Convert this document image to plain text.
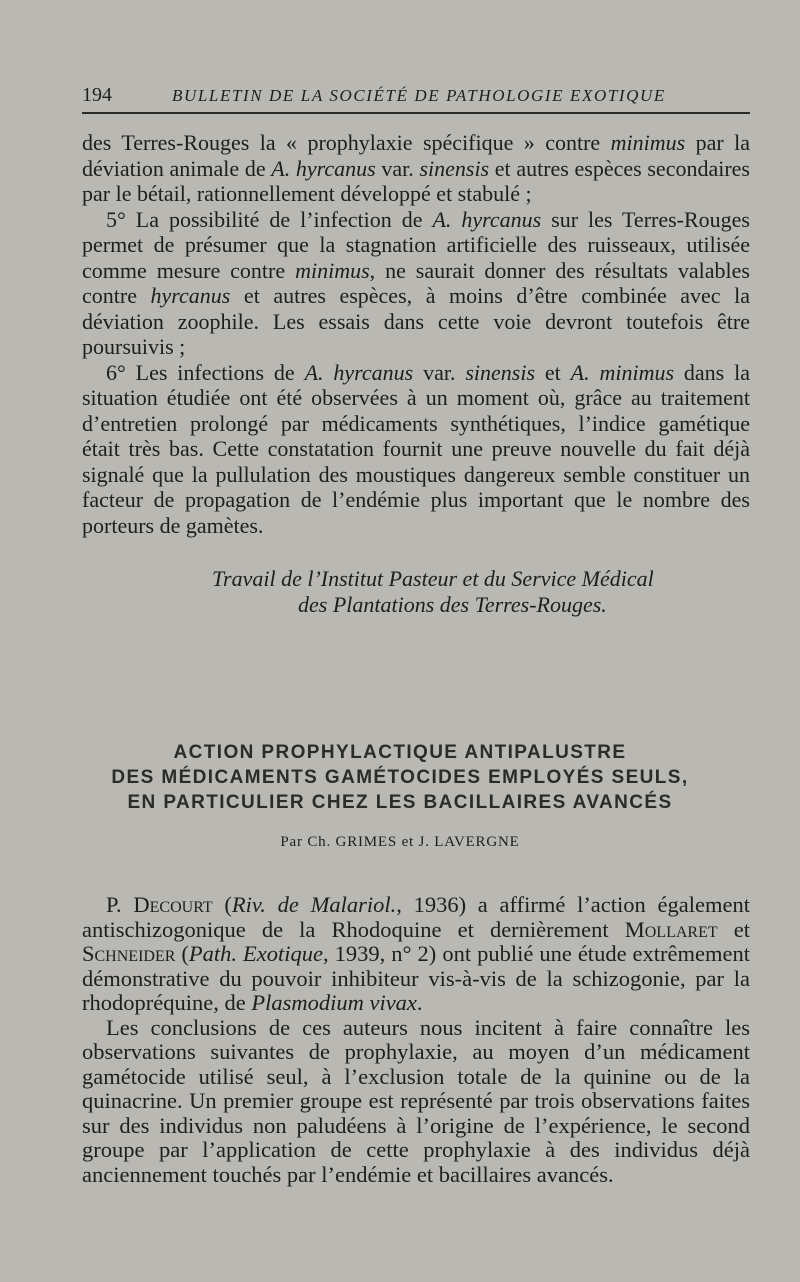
194	BULLETIN DE LA SOCIÉTÉ DE PATHOLOGIE EXOTIQUE

des Terres-Rouges la « prophylaxie spécifique » contre minimus par la déviation animale de A. hyrcanus var. sinensis et autres espèces secondaires par le bétail, rationnellement développé et stabulé ;

5° La possibilité de l’infection de A. hyrcanus sur les Terres-Rouges permet de présumer que la stagnation artificielle des ruisseaux, utilisée comme mesure contre minimus, ne saurait donner des résultats valables contre hyrcanus et autres espèces, à moins d’être combinée avec la déviation zoophile. Les essais dans cette voie devront toutefois être poursuivis ;

6° Les infections de A. hyrcanus var. sinensis et A. minimus dans la situation étudiée ont été observées à un moment où, grâce au traitement d’entretien prolongé par médicaments synthétiques, l’indice gamétique était très bas. Cette constatation fournit une preuve nouvelle du fait déjà signalé que la pullulation des moustiques dangereux semble constituer un facteur de propagation de l’endémie plus important que le nombre des porteurs de gamètes.

Travail de l’Institut Pasteur et du Service Médical
des Plantations des Terres-Rouges.
ACTION PROPHYLACTIQUE ANTIPALUSTRE
DES MÉDICAMENTS GAMÉTOCIDES EMPLOYÉS SEULS,
EN PARTICULIER CHEZ LES BACILLAIRES AVANCÉS
Par Ch. GRIMES et J. LAVERGNE

P. Decourt (Riv. de Malariol., 1936) a affirmé l’action également antischizogonique de la Rhodoquine et dernièrement Mollaret et Schneider (Path. Exotique, 1939, n° 2) ont publié une étude extrêmement démonstrative du pouvoir inhibiteur vis-à-vis de la schizogonie, par la rhodopréquine, de Plasmodium vivax.

Les conclusions de ces auteurs nous incitent à faire connaître les observations suivantes de prophylaxie, au moyen d’un médicament gamétocide utilisé seul, à l’exclusion totale de la quinine ou de la quinacrine. Un premier groupe est représenté par trois observations faites sur des individus non paludéens à l’origine de l’expérience, le second groupe par l’application de cette prophylaxie à des individus déjà anciennement touchés par l’endémie et bacillaires avancés.
